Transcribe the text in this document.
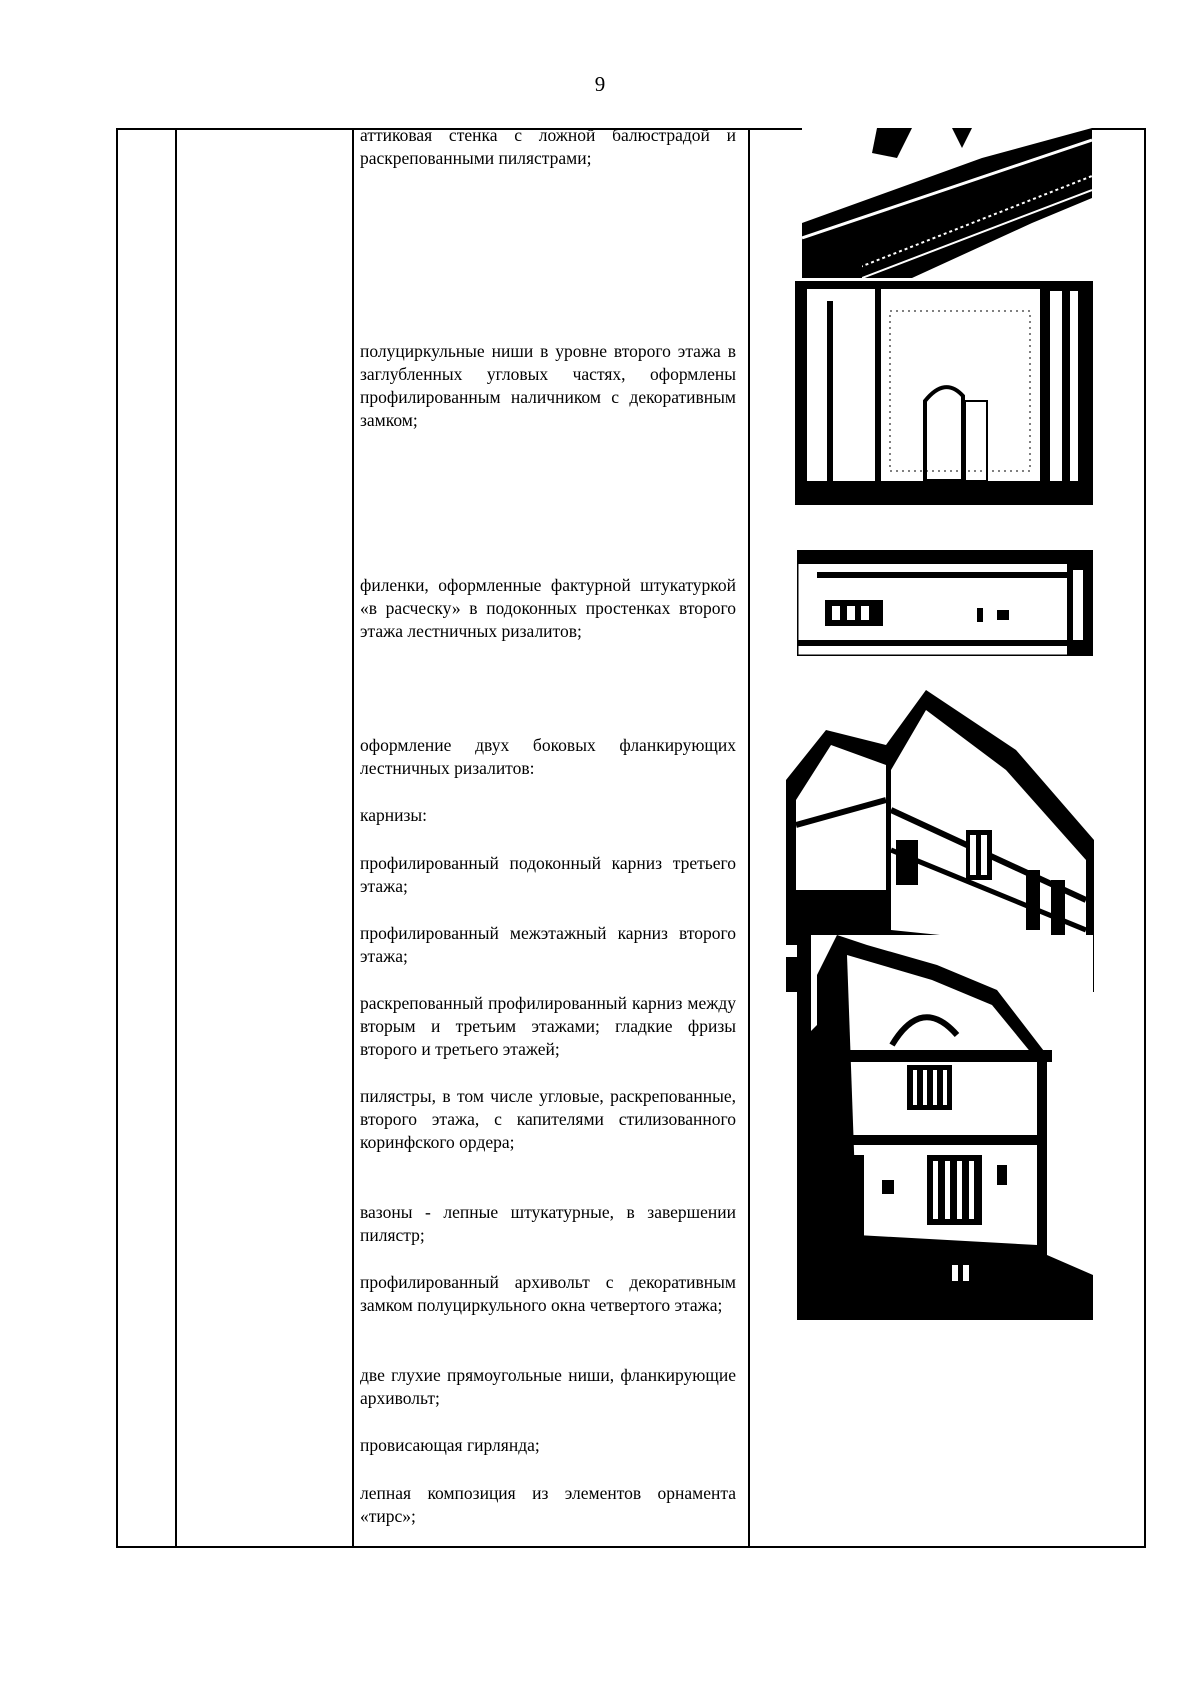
9

аттиковая стенка с ложной балюстрадой и раскрепованными пилястрами;

полуциркульные ниши в уровне второго этажа в заглубленных угловых частях, оформлены профилированным наличником с декоративным замком;

филенки, оформленные фактурной штукатуркой «в расческу» в подоконных простенках второго этажа лестничных ризалитов;

оформление двух боковых фланкирующих лестничных ризалитов:

карнизы:

профилированный подоконный карниз третьего этажа;

профилированный межэтажный карниз второго этажа;

раскрепованный профилированный карниз между вторым и третьим этажами; гладкие фризы второго и третьего этажей;

пилястры, в том числе угловые, раскрепованные, второго этажа, с капителями стилизованного коринфского ордера;

вазоны - лепные штукатурные, в завершении пилястр;

профилированный архивольт с декоративным замком полуциркульного окна четвертого этажа;

две глухие прямоугольные ниши, фланкирующие архивольт;

провисающая гирлянда;

лепная композиция из элементов орнамента «тирс»;
